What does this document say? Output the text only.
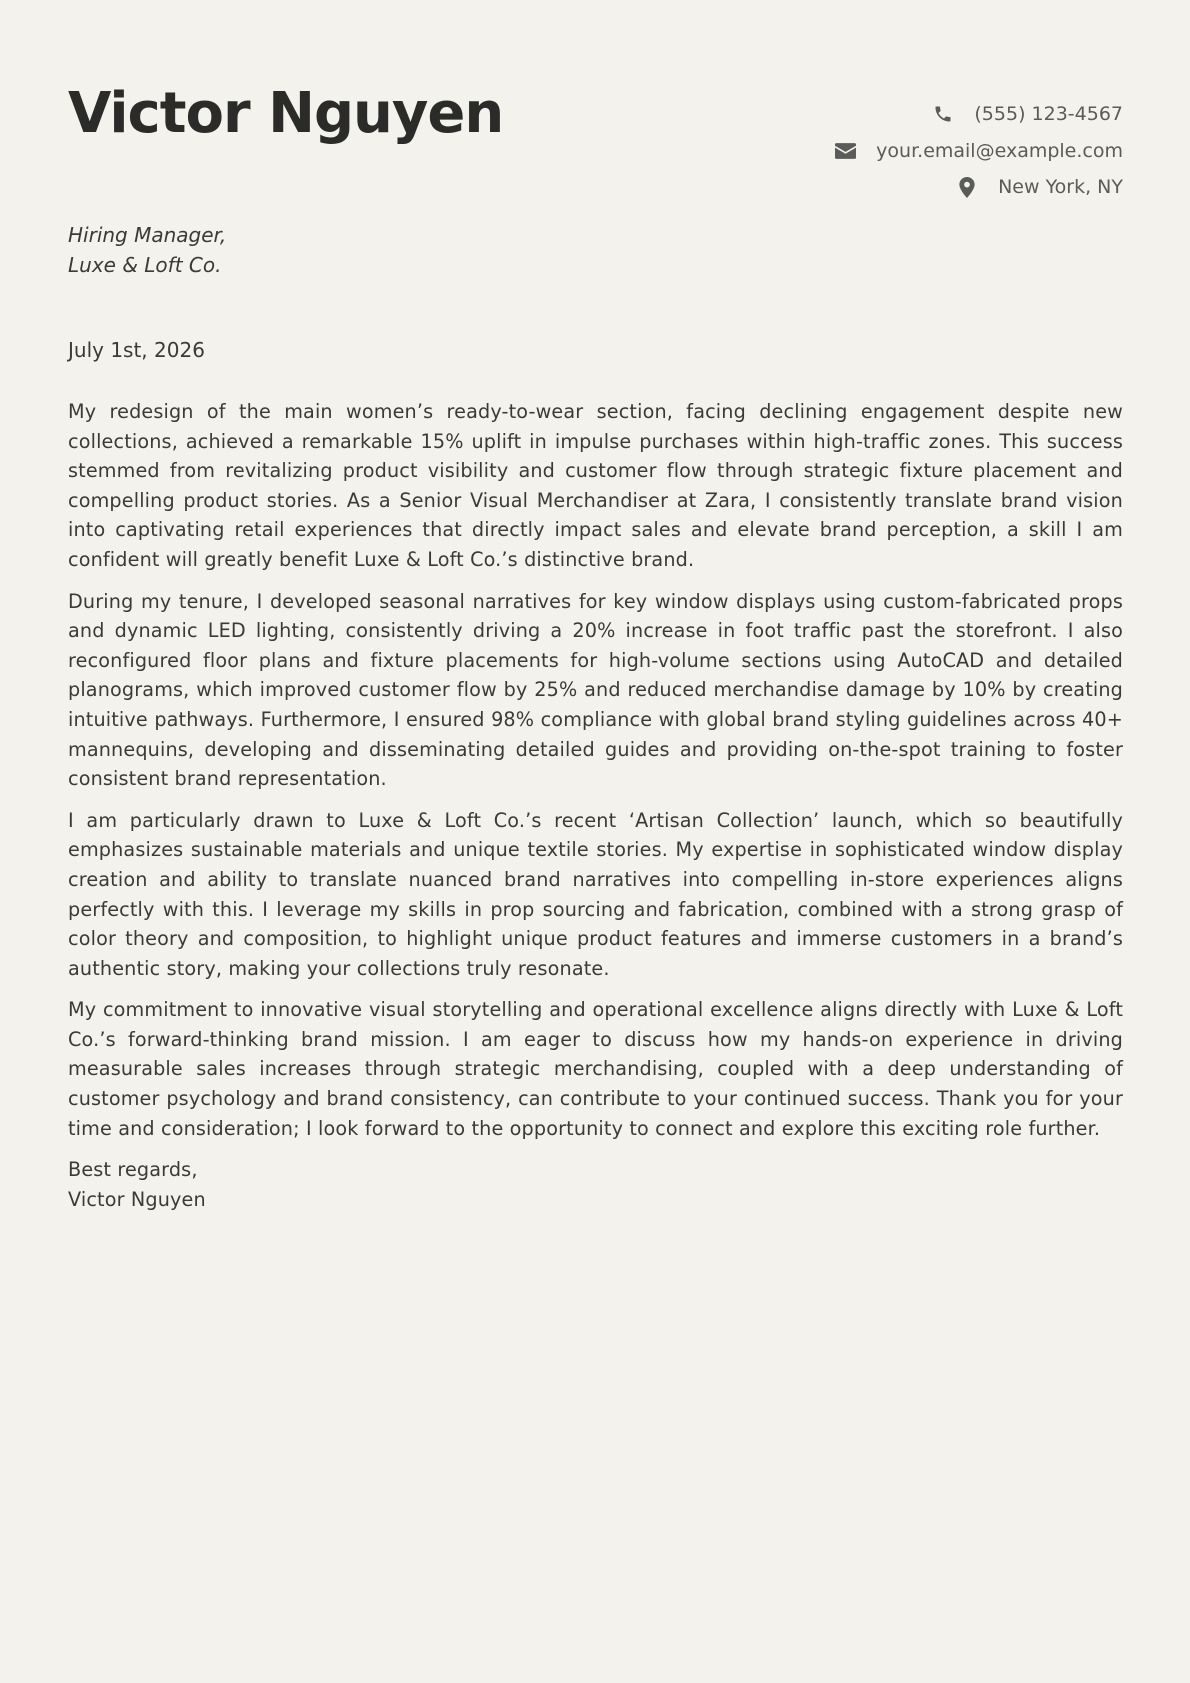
Victor Nguyen	(555) 123-4567
your.email@example.com
New York, NY
Hiring Manager,
Luxe & Loft Co.
July 1st, 2026

My redesign of the main women’s ready-to-wear section, facing declining engagement despite new collections, achieved a remarkable 15% uplift in impulse purchases within high-traffic zones. This success stemmed from revitalizing product visibility and customer flow through strategic fixture placement and compelling product stories. As a Senior Visual Merchandiser at Zara, I consistently translate brand vision into captivating retail experiences that directly impact sales and elevate brand perception, a skill I am confident will greatly benefit Luxe & Loft Co.’s distinctive brand.

During my tenure, I developed seasonal narratives for key window displays using custom-fabricated props and dynamic LED lighting, consistently driving a 20% increase in foot traffic past the storefront. I also reconfigured floor plans and fixture placements for high-volume sections using AutoCAD and detailed planograms, which improved customer flow by 25% and reduced merchandise damage by 10% by creating intuitive pathways. Furthermore, I ensured 98% compliance with global brand styling guidelines across 40+ mannequins, developing and disseminating detailed guides and providing on-the-spot training to foster consistent brand representation.

I am particularly drawn to Luxe & Loft Co.’s recent ‘Artisan Collection’ launch, which so beautifully emphasizes sustainable materials and unique textile stories. My expertise in sophisticated window display creation and ability to translate nuanced brand narratives into compelling in-store experiences aligns perfectly with this. I leverage my skills in prop sourcing and fabrication, combined with a strong grasp of color theory and composition, to highlight unique product features and immerse customers in a brand’s authentic story, making your collections truly resonate.

My commitment to innovative visual storytelling and operational excellence aligns directly with Luxe & Loft Co.’s forward-thinking brand mission. I am eager to discuss how my hands-on experience in driving measurable sales increases through strategic merchandising, coupled with a deep understanding of customer psychology and brand consistency, can contribute to your continued success. Thank you for your time and consideration; I look forward to the opportunity to connect and explore this exciting role further.

Best regards,
Victor Nguyen
